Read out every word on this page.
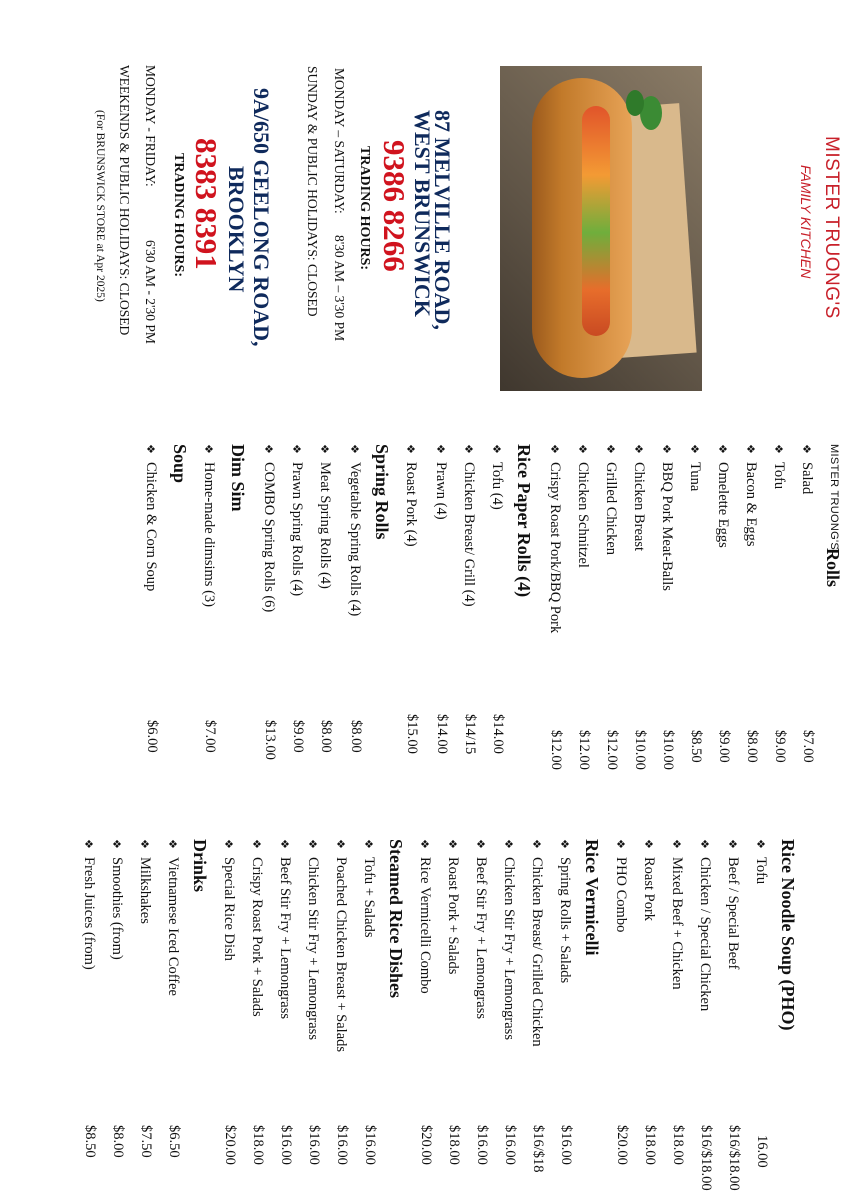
MISTER TRUONG'S
FAMILY KITCHEN
87 MELVILLE ROAD,
WEST BRUNSWICK
9386 8266
TRADING HOURS:
MONDAY – SATURDAY:
8'30 AM – 3'30 PM
SUNDAY & PUBLIC HOLIDAYS: CLOSED
9A/650 GEELONG ROAD,
BROOKLYN
8383 8391
TRADING HOURS:
MONDAY - FRIDAY:
6'30 AM - 2'30 PM
WEEKENDS & PUBLIC HOLIDAYS: CLOSED
(For BRUNSWICK STORE at Apr 2025)
MISTER TRUONG'S
Rolls
❖Salad
$7.00
❖Tofu
$9.00
❖Bacon & Eggs
$8.00
❖Omelette Eggs
$9.00
❖Tuna
$8.50
❖BBQ Pork Meat-Balls
$10.00
❖Chicken Breast
$10.00
❖Grilled Chicken
$12.00
❖Chicken Schnitzel
$12.00
❖Crispy Roast Pork/BBQ Pork
$12.00
Rice Paper Rolls (4)
❖Tofu (4)
$14.00
❖Chicken Breast/ Grill (4)
$14/15
❖Prawn (4)
$14.00
❖Roast Pork (4)
$15.00
Spring Rolls
❖Vegetable Spring Rolls (4)
$8.00
❖Meat Spring Rolls (4)
$8.00
❖Prawn Spring Rolls (4)
$9.00
❖COMBO Spring Rolls (6)
$13.00
Dim Sim
❖Home-made dimsims (3)
$7.00
Soup
❖Chicken & Corn Soup
$6.00
Rice Noodle Soup (PHO)
❖Tofu
16.00
❖Beef / Special Beef
$16/$18.00
❖Chicken / Special Chicken
$16/$18.00
❖Mixed Beef + Chicken
$18.00
❖Roast Pork
$18.00
❖PHO Combo
$20.00
Rice Vermicelli
❖Spring Rolls + Salads
$16.00
❖Chicken Breast/ Grilled Chicken
$16/$18
❖Chicken Stir Fry + Lemongrass
$16.00
❖Beef Stir Fry + Lemongrass
$16.00
❖Roast Pork + Salads
$18.00
❖Rice Vermicelli Combo
$20.00
Steamed Rice Dishes
❖Tofu + Salads
$16.00
❖Poached Chicken Breast + Salads
$16.00
❖Chicken Stir Fry + Lemongrass
$16.00
❖Beef Stir Fry + Lemongrass
$16.00
❖Crispy Roast Pork + Salads
$18.00
❖Special Rice Dish
$20.00
Drinks
❖Vietnamese Iced Coffee
$6.50
❖Milkshakes
$7.50
❖Smoothies (from)
$8.00
❖Fresh Juices (from)
$8.50
